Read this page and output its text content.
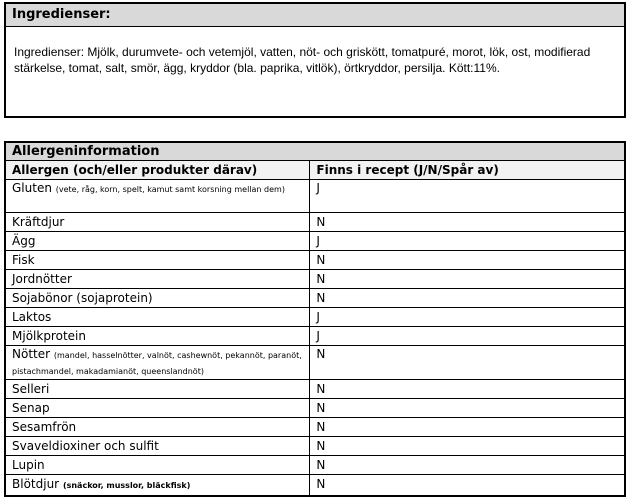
Ingredienser:
Ingredienser: Mjölk, durumvete- och vetemjöl, vatten, nöt- och griskött, tomatpuré, morot, lök, ost, modifierad stärkelse, tomat, salt, smör, ägg, kryddor (bla. paprika, vitlök), örtkryddor, persilja. Kött:11%.
Allergeninformation	
Allergen (och/eller produkter därav)	Finns i recept (J/N/Spår av)
Gluten (vete, råg, korn, spelt, kamut samt korsning mellan dem)	J
Kräftdjur	N
Ägg	J
Fisk	N
Jordnötter	N
Sojabönor (sojaprotein)	N
Laktos	J
Mjölkprotein	J
Nötter (mandel, hasselnötter, valnöt, cashewnöt, pekannöt, paranöt, pistachmandel, makadamianöt, queenslandnöt)	N
Selleri	N
Senap	N
Sesamfrön	N
Svaveldioxiner och sulfit	N
Lupin	N
Blötdjur (snäckor, musslor, bläckfisk)	N
